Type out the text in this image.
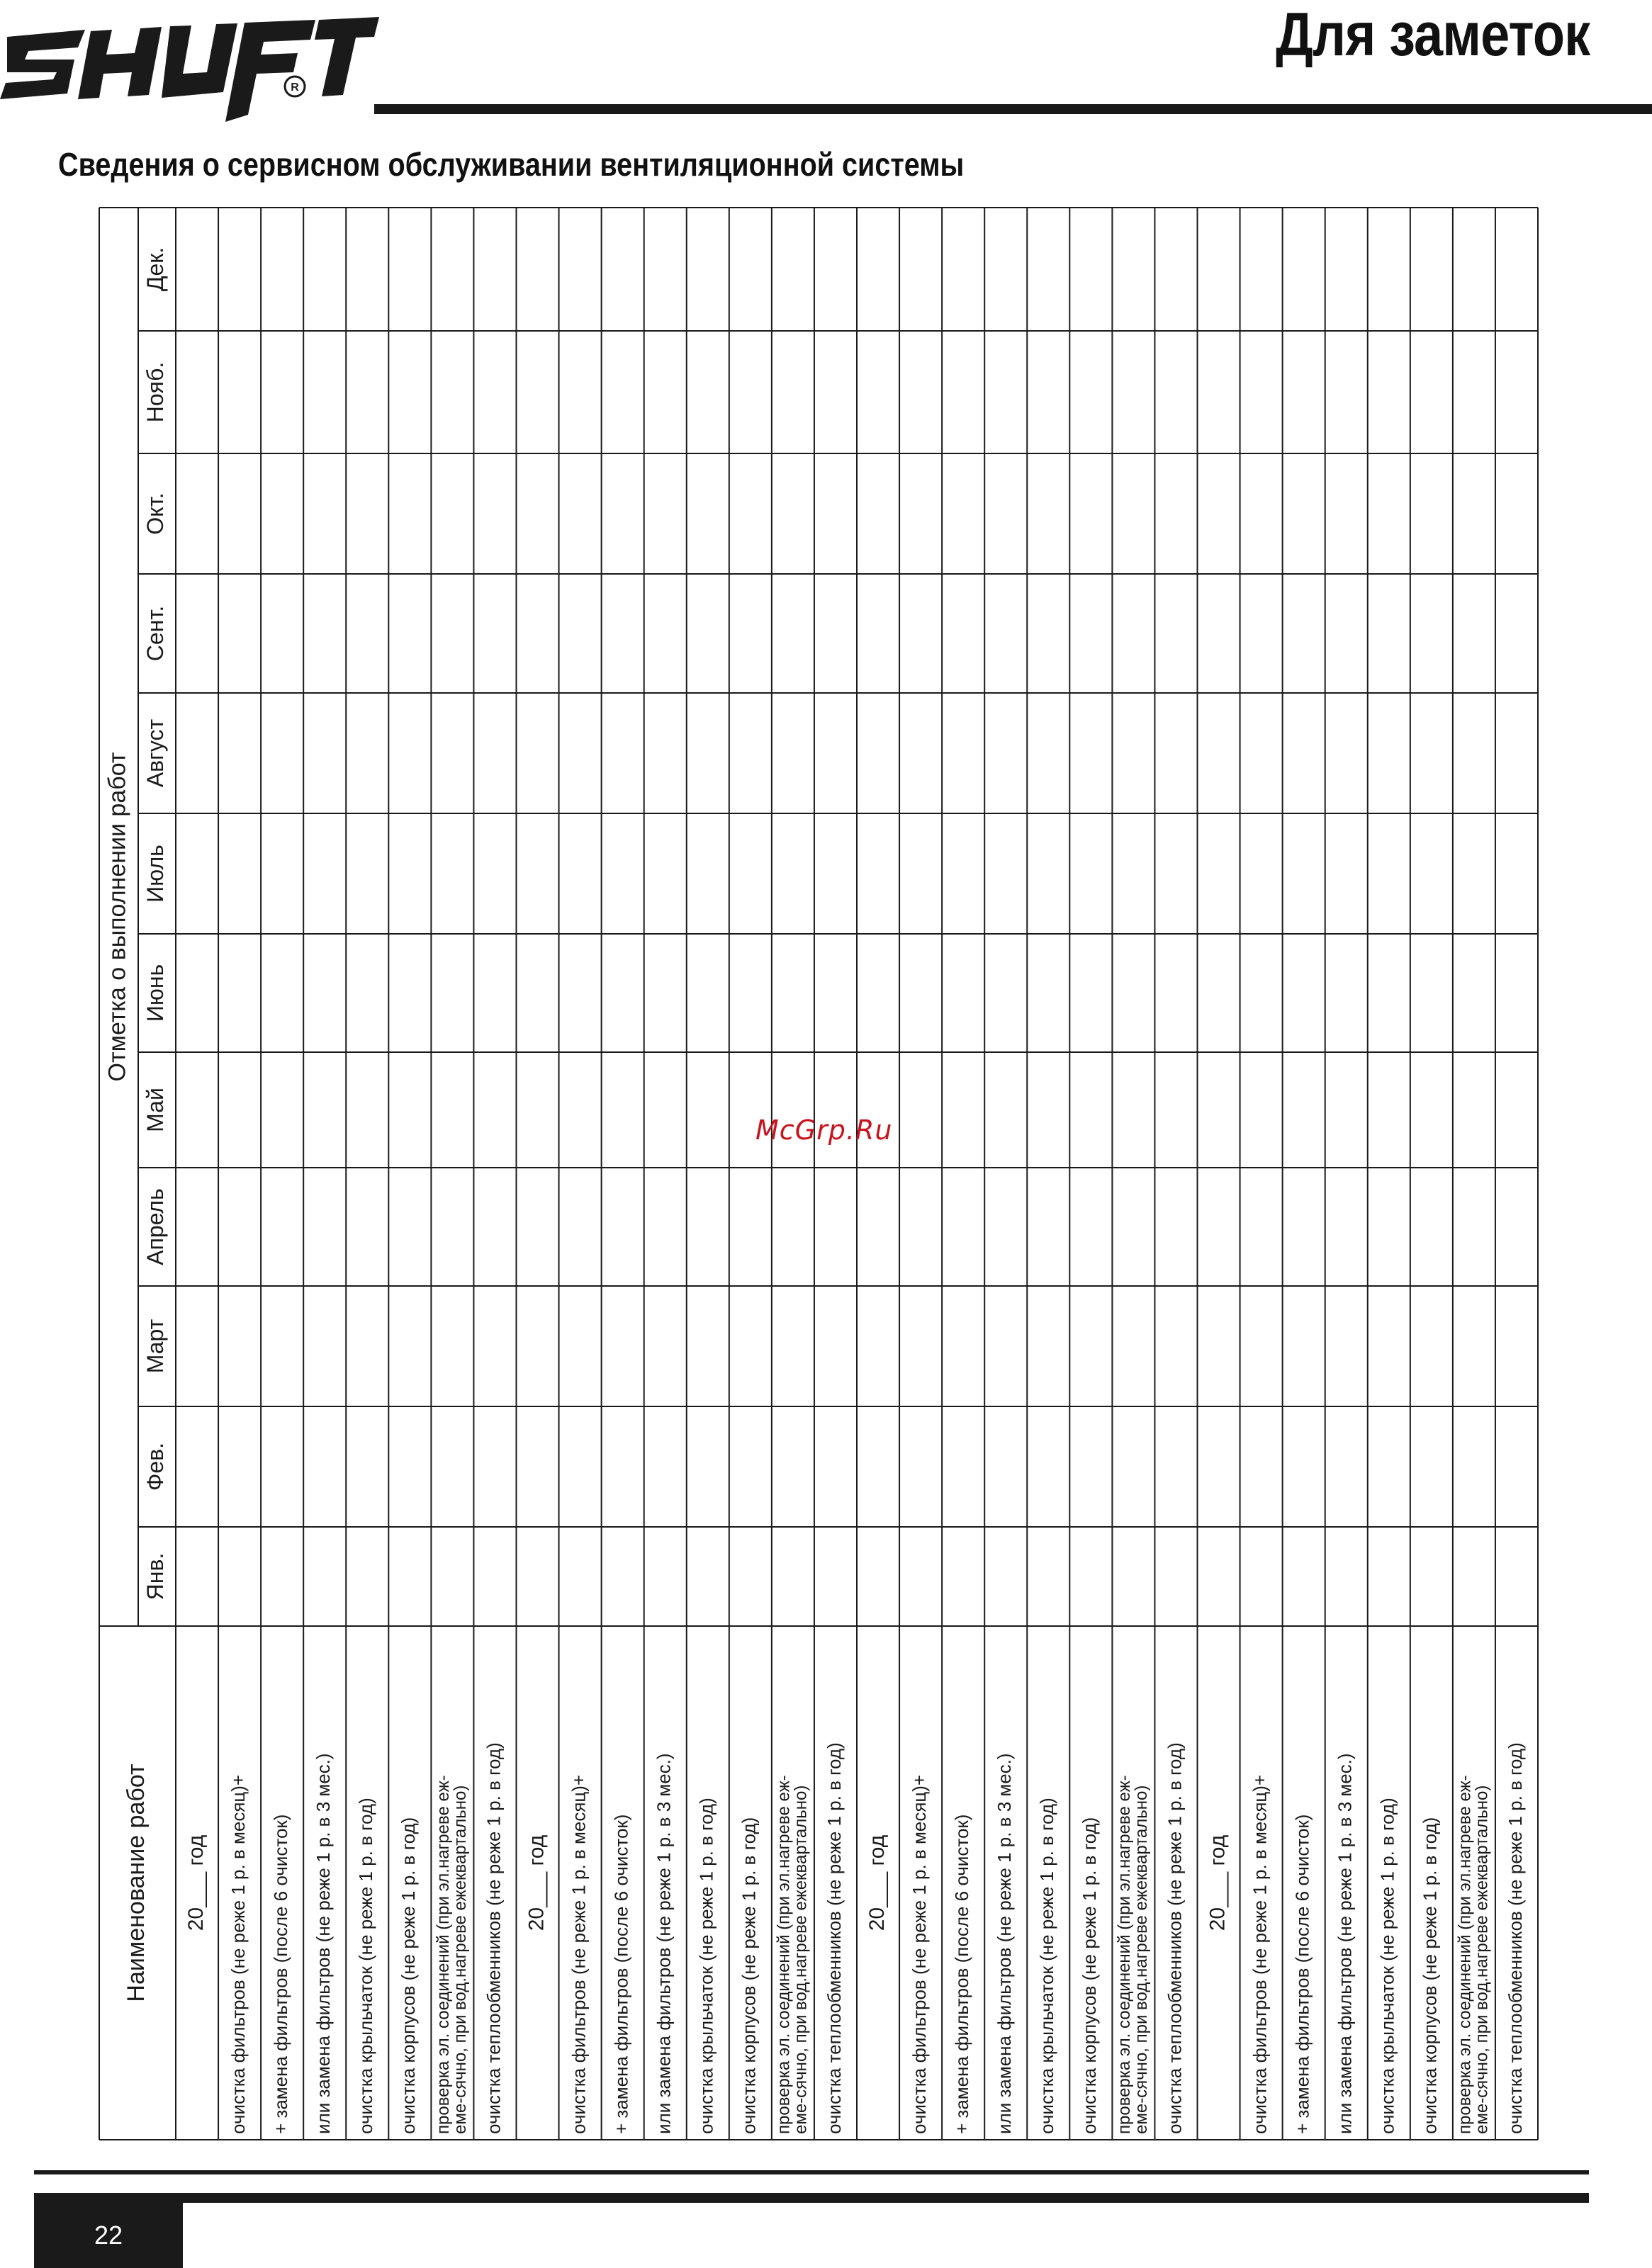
R
Для заметок
Сведения о сервисном обслуживании вентиляционной системы
Наименование работ
Отметка о выполнении работ
Янв.
Фев.
Март
Апрель
Май
Июнь
Июль
Август
Сент.
Окт.
Нояб.
Дек.
20___ год очистка фильтров (не реже 1 р. в месяц)+ + замена фильтров (после 6 очисток) или замена фильтров (не реже 1 р. в 3 мес.) очистка крыльчаток (не реже 1 р. в год) очистка корпусов (не реже 1 р. в год) проверка эл. соединений (при эл.нагреве еж-
еме-сячно, при вод.нагреве ежеквартально) очистка теплообменников (не реже 1 р. в год) 20___ год очистка фильтров (не реже 1 р. в месяц)+ + замена фильтров (после 6 очисток) или замена фильтров (не реже 1 р. в 3 мес.) очистка крыльчаток (не реже 1 р. в год) очистка корпусов (не реже 1 р. в год) проверка эл. соединений (при эл.нагреве еж-
еме-сячно, при вод.нагреве ежеквартально) очистка теплообменников (не реже 1 р. в год) 20___ год очистка фильтров (не реже 1 р. в месяц)+ + замена фильтров (после 6 очисток) или замена фильтров (не реже 1 р. в 3 мес.) очистка крыльчаток (не реже 1 р. в год) очистка корпусов (не реже 1 р. в год) проверка эл. соединений (при эл.нагреве еж-
еме-сячно, при вод.нагреве ежеквартально) очистка теплообменников (не реже 1 р. в год) 20___ год очистка фильтров (не реже 1 р. в месяц)+ + замена фильтров (после 6 очисток) или замена фильтров (не реже 1 р. в 3 мес.) очистка крыльчаток (не реже 1 р. в год) очистка корпусов (не реже 1 р. в год) проверка эл. соединений (при эл.нагреве еж-
еме-сячно, при вод.нагреве ежеквартально) очистка теплообменников (не реже 1 р. в год)
McGrp.Ru
22
